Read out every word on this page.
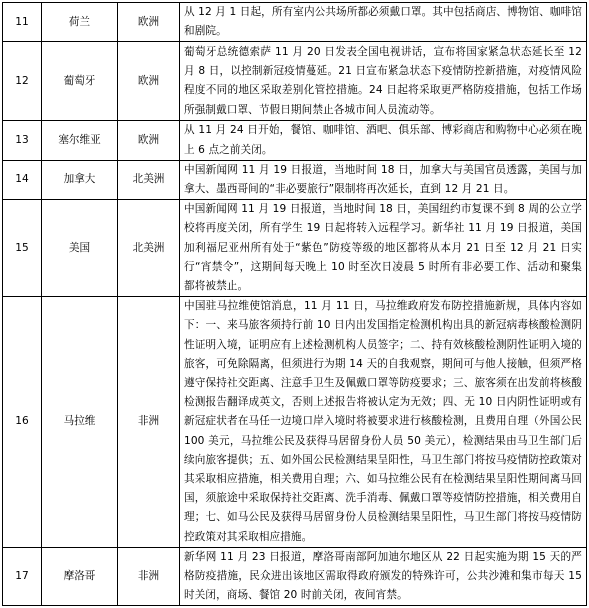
11	荷兰	欧洲	从 12 月 1 日起，所有室内公共场所都必须戴口罩。其中包括商店、博物馆、咖啡馆和剧院。
12	葡萄牙	欧洲	葡萄牙总统德索萨 11 月 20 日发表全国电视讲话，宣布将国家紧急状态延长至 12 月 8 日，以控制新冠疫情蔓延。21 日宣布紧急状态下疫情防控新措施，对疫情风险程度不同的地区采取差别化管控措施。24 日起将采取更严格防疫措施，包括工作场所强制戴口罩、节假日期间禁止各城市间人员流动等。
13	塞尔维亚	欧洲	从 11 月 24 日开始，餐馆、咖啡馆、酒吧、俱乐部、博彩商店和购物中心必须在晚上 6 点之前关闭。
14	加拿大	北美洲	中国新闻网 11 月 19 日报道，当地时间 18 日，加拿大与美国官员透露，美国与加拿大、墨西哥间的“非必要旅行”限制将再次延长，直到 12 月 21 日。
15	美国	北美洲	中国新闻网 11 月 19 日报道，当地时间 18 日，美国纽约市复课不到 8 周的公立学校将再度关闭，所有学生 19 日起将转入远程学习。新华社 11 月 19 日报道，美国加利福尼亚州所有处于“紫色”防疫等级的地区都将从本月 21 日至 12 月 21 日实行“宵禁令”，这期间每天晚上 10 时至次日凌晨 5 时所有非必要工作、活动和聚集都将被禁止。
16	马拉维	非洲	中国驻马拉维使馆消息，11 月 11 日，马拉维政府发布防控措施新规，具体内容如下：一、来马旅客须持行前 10 日内出发国指定检测机构出具的新冠病毒核酸检测阴性证明入境，证明应有上述检测机构人员签字；二、持有效核酸检测阴性证明入境的旅客，可免除隔离，但须进行为期 14 天的自我观察，期间可与他人接触，但须严格遵守保持社交距离、注意手卫生及佩戴口罩等防疫要求；三、旅客须在出发前将核酸检测报告翻译成英文，否则上述报告将被认定为无效；四、无 10 日内阴性证明或有新冠症状者在马任一边境口岸入境时将被要求进行核酸检测，且费用自理（外国公民 100 美元，马拉维公民及获得马居留身份人员 50 美元），检测结果由马卫生部门后续向旅客提供；五、如外国公民检测结果呈阳性，马卫生部门将按马疫情防控政策对其采取相应措施，相关费用自理；六、如马拉维公民有在检测结果呈阳性期间离马回国，须旅途中采取保持社交距离、洗手消毒、佩戴口罩等疫情防控措施，相关费用自理；七、如马公民及获得马居留身份人员检测结果呈阳性，马卫生部门将按马疫情防控政策对其采取相应措施。
17	摩洛哥	非洲	新华网 11 月 23 日报道，摩洛哥南部阿加迪尔地区从 22 日起实施为期 15 天的严格防疫措施，民众进出该地区需取得政府颁发的特殊许可，公共沙滩和集市每天 15 时关闭，商场、餐馆 20 时前关闭，夜间宵禁。
